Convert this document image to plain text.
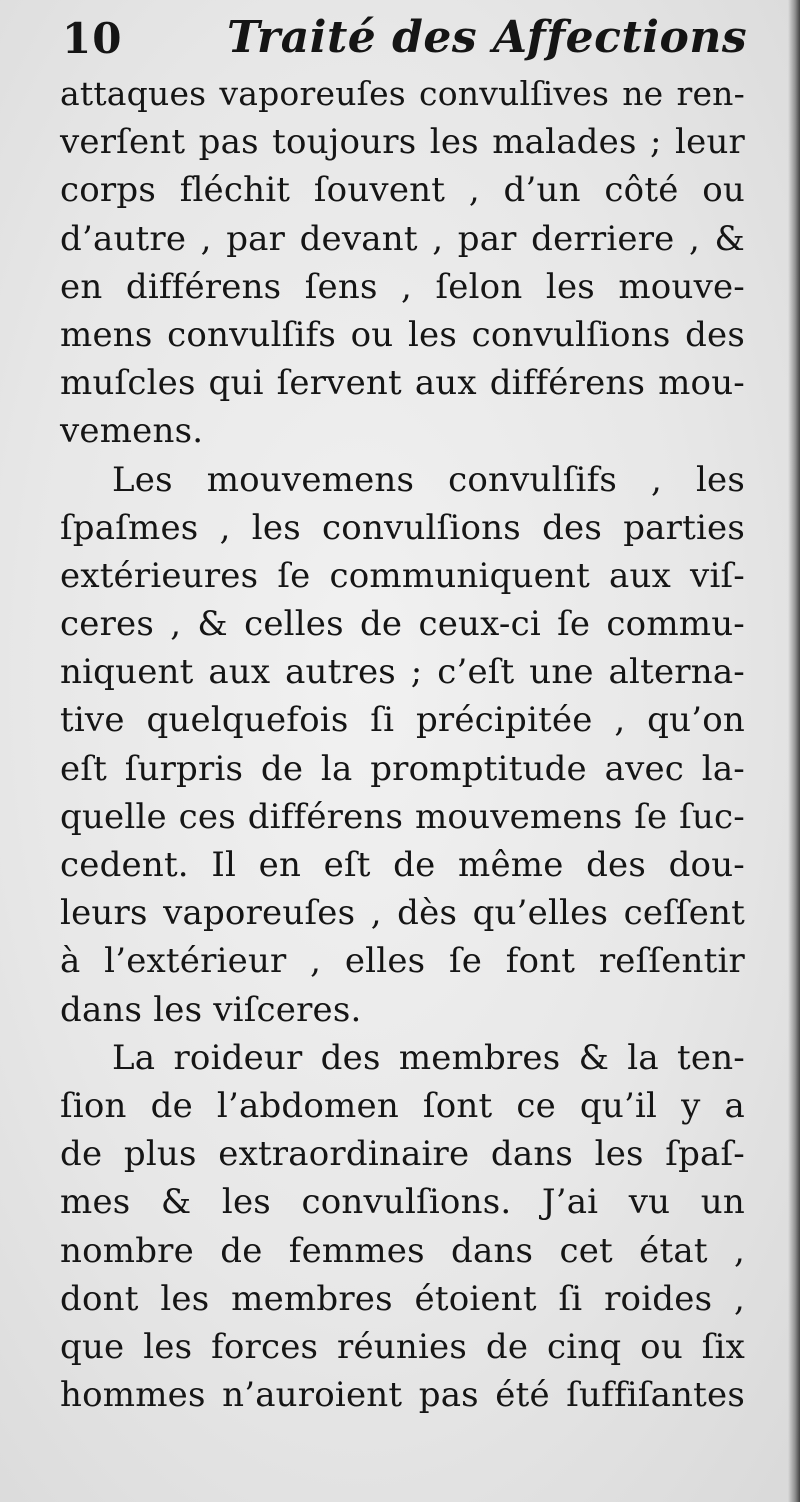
10 Traité des Affections
attaques vaporeuſes convulſives ne ren-
verſent pas toujours les malades ; leur
corps fléchit ſouvent , d’un côté ou
d’autre , par devant , par derriere , &
en différens ſens , ſelon les mouve-
mens convulſifs ou les convulſions des
muſcles qui ſervent aux différens mou-
vemens.
Les mouvemens convulſifs , les
ſpaſmes , les convulſions des parties
extérieures ſe communiquent aux viſ-
ceres , & celles de ceux-ci ſe commu-
niquent aux autres ; c’eſt une alterna-
tive quelquefois ſi précipitée , qu’on
eſt ſurpris de la promptitude avec la-
quelle ces différens mouvemens ſe ſuc-
cedent. Il en eſt de même des dou-
leurs vaporeuſes , dès qu’elles ceſſent
à l’extérieur , elles ſe font reſſentir
dans les viſceres.
La roideur des membres & la ten-
ſion de l’abdomen ſont ce qu’il y a
de plus extraordinaire dans les ſpaſ-
mes & les convulſions. J’ai vu un
nombre de femmes dans cet état ,
dont les membres étoient ſi roides ,
que les forces réunies de cinq ou ſix
hommes n’auroient pas été ſuffiſantes
